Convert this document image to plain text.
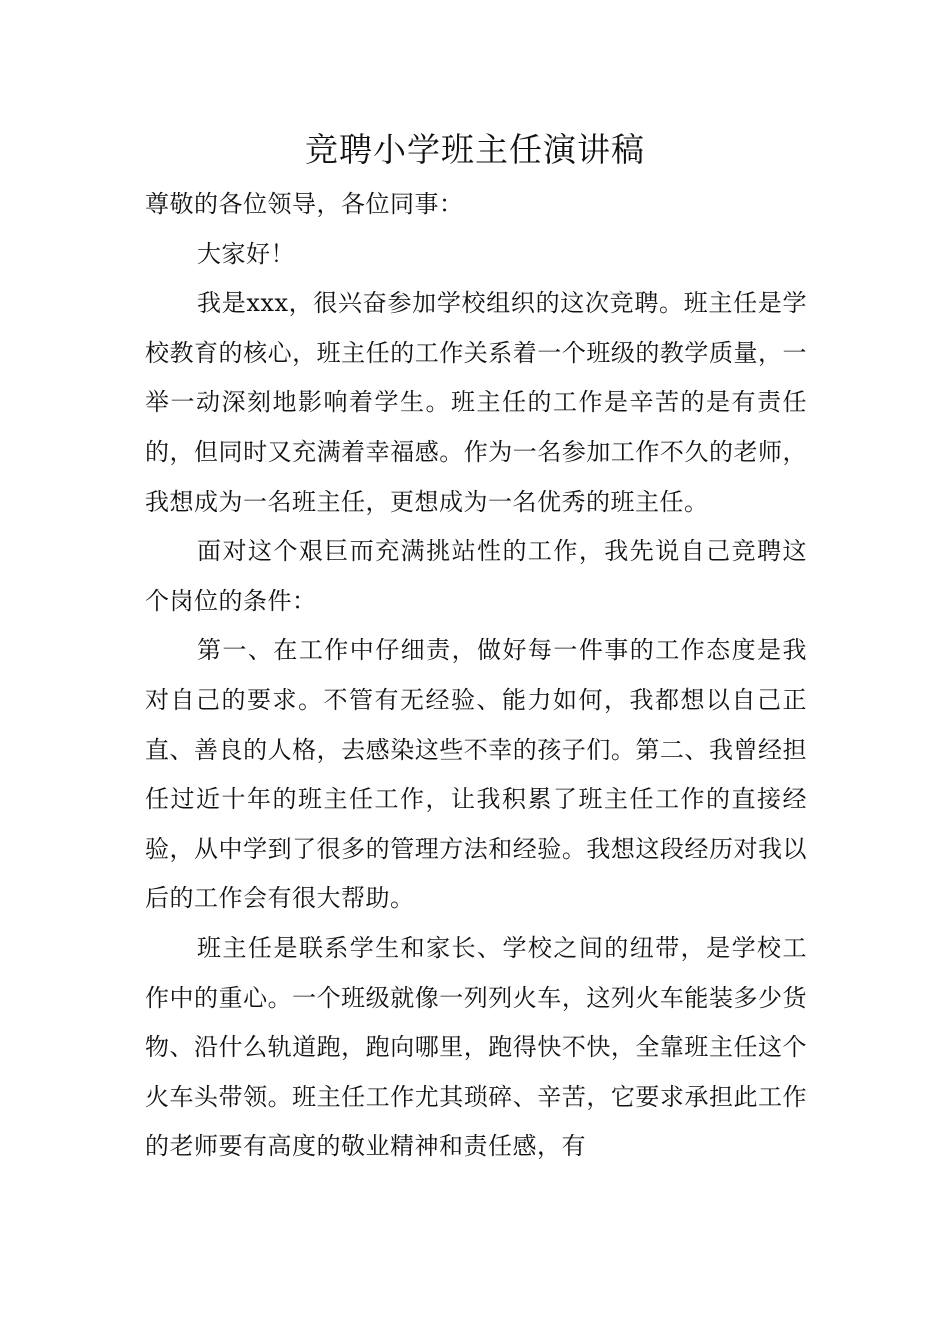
竞聘小学班主任演讲稿

尊敬的各位领导，各位同事：

大家好！

我是xxx，很兴奋参加学校组织的这次竞聘。班主任是学校教育的核心，班主任的工作关系着一个班级的教学质量，一举一动深刻地影响着学生。班主任的工作是辛苦的是有责任的，但同时又充满着幸福感。作为一名参加工作不久的老师，我想成为一名班主任，更想成为一名优秀的班主任。

面对这个艰巨而充满挑站性的工作，我先说自己竞聘这个岗位的条件：

第一、在工作中仔细责，做好每一件事的工作态度是我对自己的要求。不管有无经验、能力如何，我都想以自己正直、善良的人格，去感染这些不幸的孩子们。第二、我曾经担任过近十年的班主任工作，让我积累了班主任工作的直接经验，从中学到了很多的管理方法和经验。我想这段经历对我以后的工作会有很大帮助。

班主任是联系学生和家长、学校之间的纽带，是学校工作中的重心。一个班级就像一列列火车，这列火车能装多少货物、沿什么轨道跑，跑向哪里，跑得快不快，全靠班主任这个火车头带领。班主任工作尤其琐碎、辛苦，它要求承担此工作的老师要有高度的敬业精神和责任感，有
